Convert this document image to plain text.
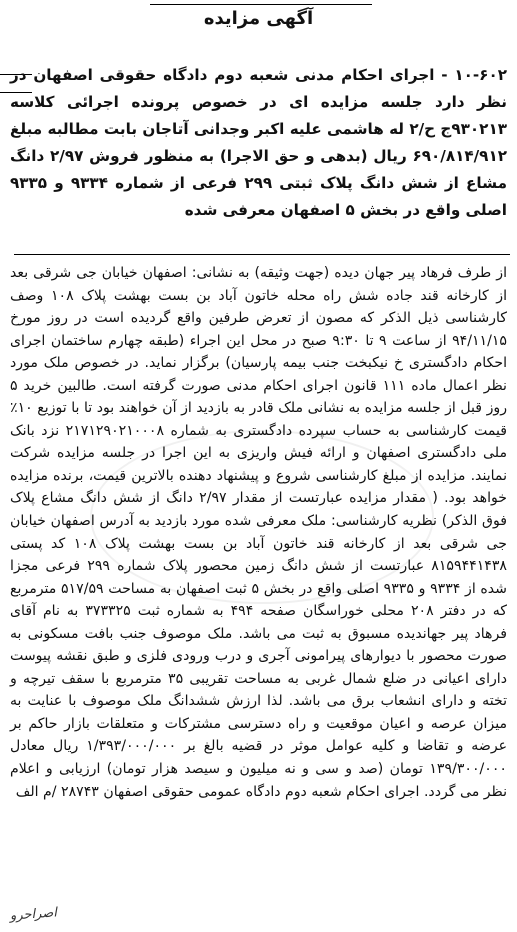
آگهی مزایده
۱۰-۶۰۲ - اجرای احکام مدنی شعبه دوم دادگاه حقوقی اصفهان در نظر دارد جلسه مزایده ای در خصوص پرونده اجرائی کلاسه ۹۳۰۲۱۳ج ح/۲ له هاشمی علیه اکبر وجدانی آتاجان بابت مطالبه مبلغ ۶۹۰/۸۱۴/۹۱۲ ریال (بدهی و حق الاجرا) به منظور فروش ۲/۹۷ دانگ مشاع از شش دانگ پلاک ثبتی ۲۹۹ فرعی از شماره ۹۳۳۴ و ۹۳۳۵ اصلی واقع در بخش ۵ اصفهان معرفی شده
از طرف فرهاد پیر جهان دیده (جهت وثیقه) به نشانی: اصفهان خیابان جی شرقی بعد از کارخانه قند جاده شش راه محله خاتون آباد بن بست بهشت پلاک ۱۰۸ وصف کارشناسی ذیل الذکر که مصون از تعرض طرفین واقع گردیده است در روز مورخ ۹۴/۱۱/۱۵ از ساعت ۹ تا ۹:۳۰ صبح در محل این اجراء (طبقه چهارم ساختمان اجرای احکام دادگستری خ نیکبخت جنب بیمه پارسیان) برگزار نماید. در خصوص ملک مورد نظر اعمال ماده ۱۱۱ قانون اجرای احکام مدنی صورت گرفته است. طالبین خرید ۵ روز قبل از جلسه مزایده به نشانی ملک قادر به بازدید از آن خواهند بود تا با توزیع ۱۰٪ قیمت کارشناسی به حساب سپرده دادگستری به شماره ۲۱۷۱۲۹۰۲۱۰۰۰۸ نزد بانک ملی دادگستری اصفهان و ارائه فیش واریزی به این اجرا در جلسه مزایده شرکت نمایند. مزایده از مبلغ کارشناسی شروع و پیشنهاد دهنده بالاترین قیمت، برنده مزایده خواهد بود. ( مقدار مزایده عبارتست از مقدار ۲/۹۷ دانگ از شش دانگ مشاع پلاک فوق الذکر) نظریه کارشناسی: ملک معرفی شده مورد بازدید به آدرس اصفهان خیابان جی شرقی بعد از کارخانه قند خاتون آباد بن بست بهشت پلاک ۱۰۸ کد پستی ۸۱۵۹۴۴۱۴۳۸ عبارتست از شش دانگ زمین محصور پلاک شماره ۲۹۹ فرعی مجزا شده از ۹۳۳۴ و ۹۳۳۵ اصلی واقع در بخش ۵ ثبت اصفهان به مساحت ۵۱۷/۵۹ مترمربع که در دفتر ۲۰۸ محلی خوراسگان صفحه ۴۹۴ به شماره ثبت ۳۷۳۳۲۵ به نام آقای فرهاد پیر جهاندیده مسبوق به ثبت می باشد. ملک موصوف جنب بافت مسکونی به صورت محصور با دیوارهای پیرامونی آجری و درب ورودی فلزی و طبق نقشه پیوست دارای اعیانی در ضلع شمال غربی به مساحت تقریبی ۳۵ مترمربع با سقف تیرچه و تخته و دارای انشعاب برق می باشد. لذا ارزش ششدانگ ملک موصوف با عنایت به میزان عرصه و اعیان موقعیت و راه دسترسی مشترکات و متعلقات بازار حاکم بر عرضه و تقاضا و کلیه عوامل موثر در قضیه بالغ بر ۱/۳۹۳/۰۰۰/۰۰۰ ریال معادل ۱۳۹/۳۰۰/۰۰۰ تومان (صد و سی و نه میلیون و سیصد هزار تومان) ارزیابی و اعلام نظر می گردد. اجرای احکام شعبه دوم دادگاه عمومی حقوقی اصفهان ۲۸۷۴۳ /م الف
اصراحرو
